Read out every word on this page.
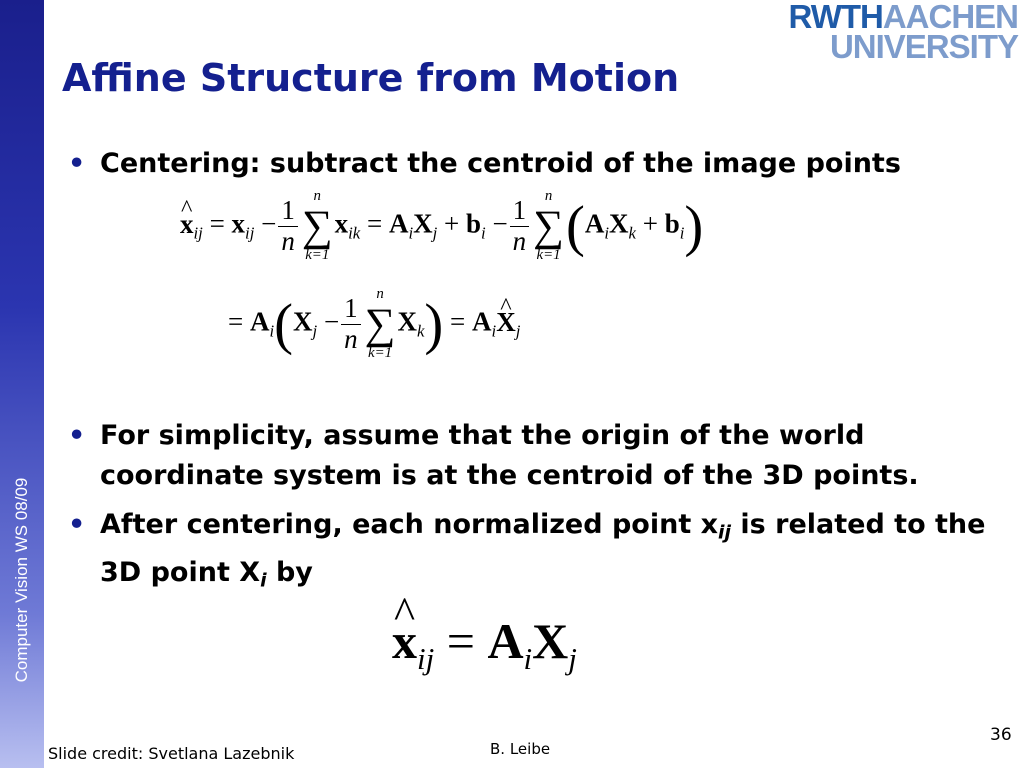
Computer Vision WS 08/09
RWTHAACHEN
UNIVERSITY
Affine Structure from Motion
• Centering: subtract the centroid of the image points
^ $x_{ij} = x_{ij} - \frac{1}{n}$
n
∑
k=1
$x_{ik} = A_iX_j + b_i - \frac{1}{n}$
n
∑
k=1 $(A_iX_k + b_i)$
= $A_i(X_j - \frac{1}{n}$
n
∑
k=1
$X_k$) = $A_i\^{}$ $X_j$
• For simplicity, assume that the origin of the world coordinate system is at the centroid of the 3D points.
• After centering, each normalized point $x_{ij}$ is related to the 3D point $X_i$ by
^ $x_{ij} = A_iX_j$
Slide credit: Svetlana Lazebnik	B. Leibe
36
